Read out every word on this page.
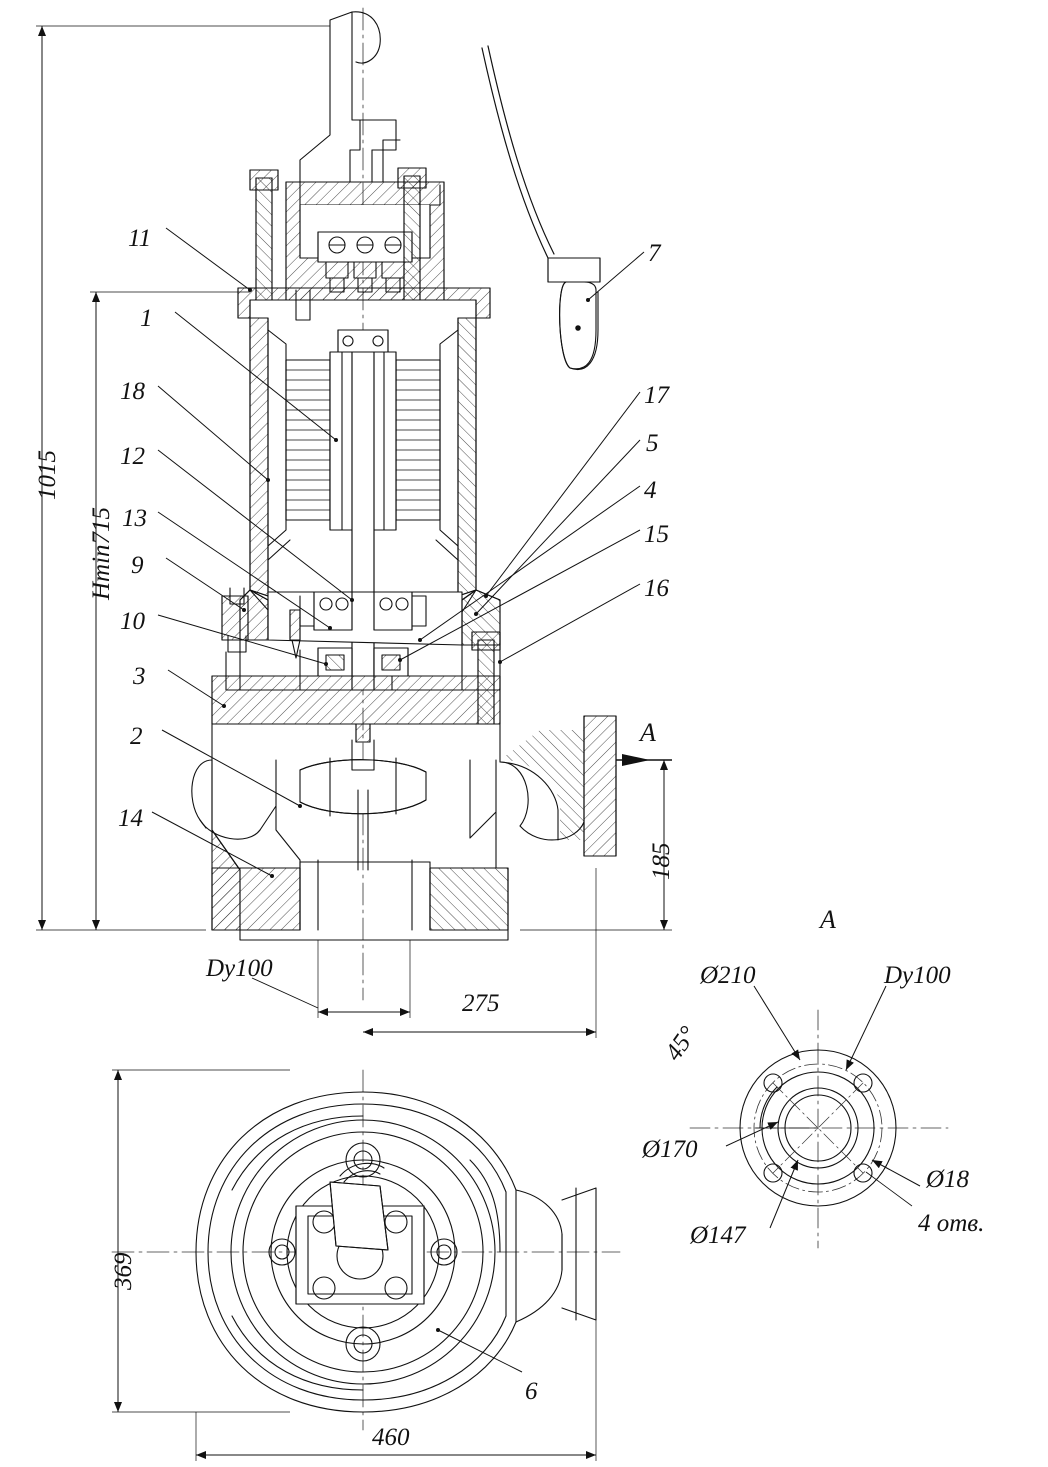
11
1
18
12
13
9
10
3
2
14
7
17
5
4
15
16
6
1015
Hmin715
185
369
Dy100
275
460
A
A
Ø210	Dy100
45°
Ø170
Ø18
Ø147	4 отв.
